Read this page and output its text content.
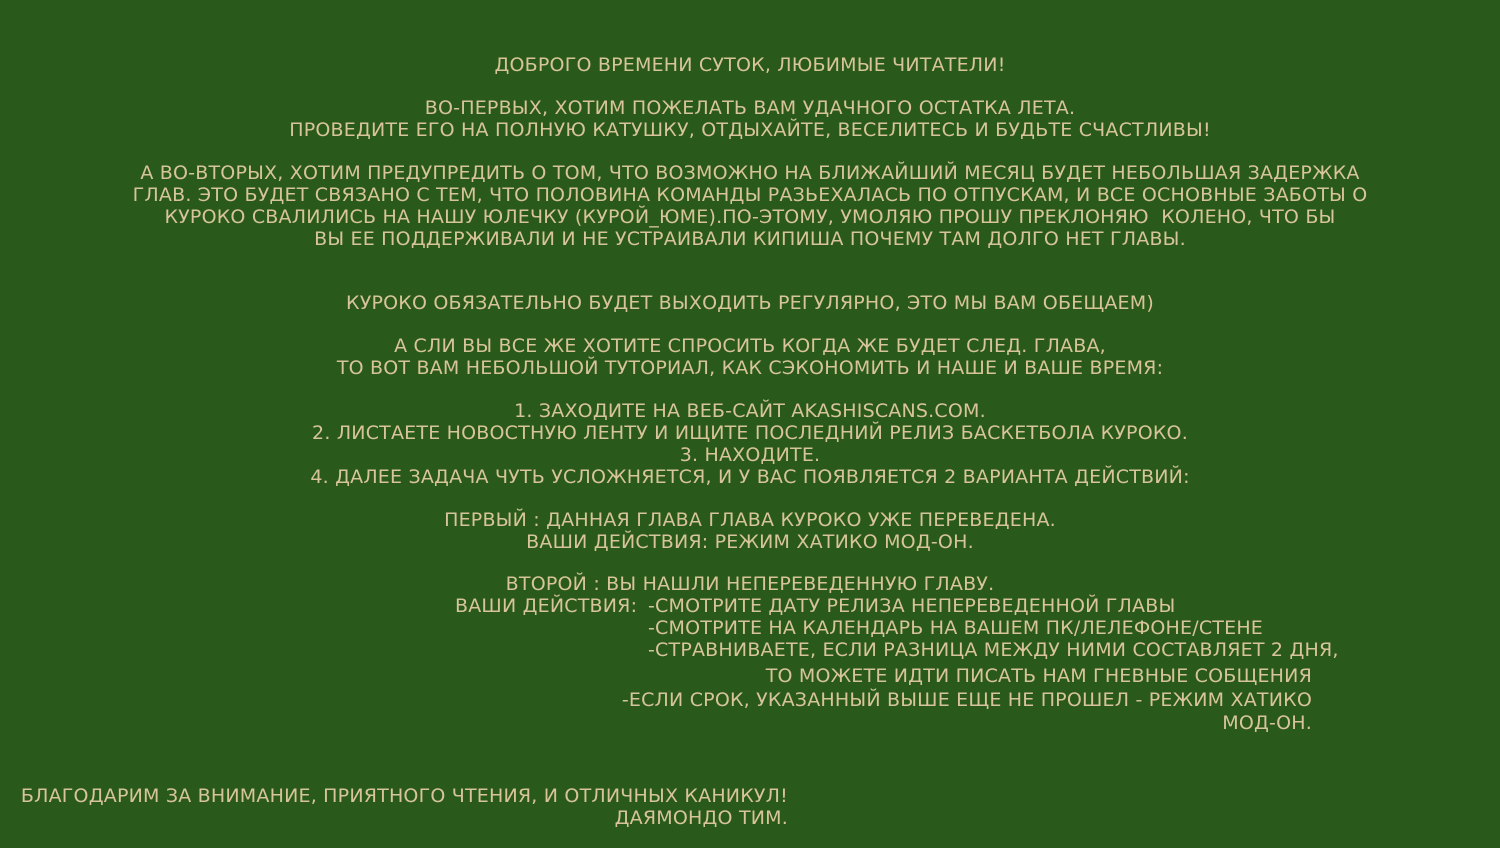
ДОБРОГО ВРЕМЕНИ СУТОК, ЛЮБИМЫЕ ЧИТАТЕЛИ!
ВО-ПЕРВЫХ, ХОТИМ ПОЖЕЛАТЬ ВАМ УДАЧНОГО ОСТАТКА ЛЕТА.
ПРОВЕДИТЕ ЕГО НА ПОЛНУЮ КАТУШКУ, ОТДЫХАЙТЕ, ВЕСЕЛИТЕСЬ И БУДЬТЕ СЧАСТЛИВЫ!
А ВО-ВТОРЫХ, ХОТИМ ПРЕДУПРЕДИТЬ О ТОМ, ЧТО ВОЗМОЖНО НА БЛИЖАЙШИЙ МЕСЯЦ БУДЕТ НЕБОЛЬШАЯ ЗАДЕРЖКА
ГЛАВ. ЭТО БУДЕТ СВЯЗАНО С ТЕМ, ЧТО ПОЛОВИНА КОМАНДЫ РАЗЬЕХАЛАСЬ ПО ОТПУСКАМ, И ВСЕ ОСНОВНЫЕ ЗАБОТЫ О
КУРОКО СВАЛИЛИСЬ НА НАШУ ЮЛЕЧКУ (КУРОЙ_ЮМЕ).ПО-ЭТОМУ, УМОЛЯЮ ПРОШУ ПРЕКЛОНЯЮ  КОЛЕНО, ЧТО БЫ
ВЫ ЕЕ ПОДДЕРЖИВАЛИ И НЕ УСТРАИВАЛИ КИПИША ПОЧЕМУ ТАМ ДОЛГО НЕТ ГЛАВЫ.
КУРОКО ОБЯЗАТЕЛЬНО БУДЕТ ВЫХОДИТЬ РЕГУЛЯРНО, ЭТО МЫ ВАМ ОБЕЩАЕМ)
А СЛИ ВЫ ВСЕ ЖЕ ХОТИТЕ СПРОСИТЬ КОГДА ЖЕ БУДЕТ СЛЕД. ГЛАВА,
ТО ВОТ ВАМ НЕБОЛЬШОЙ ТУТОРИАЛ, КАК СЭКОНОМИТЬ И НАШЕ И ВАШЕ ВРЕМЯ:
1. ЗАХОДИТЕ НА ВЕБ-САЙТ AKASHISCANS.COM.
2. ЛИСТАЕТЕ НОВОСТНУЮ ЛЕНТУ И ИЩИТЕ ПОСЛЕДНИЙ РЕЛИЗ БАСКЕТБОЛА КУРОКО.
3. НАХОДИТЕ.
4. ДАЛЕЕ ЗАДАЧА ЧУТЬ УСЛОЖНЯЕТСЯ, И У ВАС ПОЯВЛЯЕТСЯ 2 ВАРИАНТА ДЕЙСТВИЙ:
ПЕРВЫЙ : ДАННАЯ ГЛАВА ГЛАВА КУРОКО УЖЕ ПЕРЕВЕДЕНА.
ВАШИ ДЕЙСТВИЯ: РЕЖИМ ХАТИКО МОД-ОН.
ВТОРОЙ : ВЫ НАШЛИ НЕПЕРЕВЕДЕННУЮ ГЛАВУ.
ВАШИ ДЕЙСТВИЯ: -СМОТРИТЕ ДАТУ РЕЛИЗА НЕПЕРЕВЕДЕННОЙ ГЛАВЫ
-СМОТРИТЕ НА КАЛЕНДАРЬ НА ВАШЕМ ПК/ЛЕЛЕФОНЕ/СТЕНЕ
-СТРАВНИВАЕТЕ, ЕСЛИ РАЗНИЦА МЕЖДУ НИМИ СОСТАВЛЯЕТ 2 ДНЯ,
ТО МОЖЕТЕ ИДТИ ПИСАТЬ НАМ ГНЕВНЫЕ СОБЩЕНИЯ
-ЕСЛИ СРОК, УКАЗАННЫЙ ВЫШЕ ЕЩЕ НЕ ПРОШЕЛ - РЕЖИМ ХАТИКО
МОД-ОН.
БЛАГОДАРИМ ЗА ВНИМАНИЕ, ПРИЯТНОГО ЧТЕНИЯ, И ОТЛИЧНЫХ КАНИКУЛ!
ДАЯМОНДО ТИМ.
